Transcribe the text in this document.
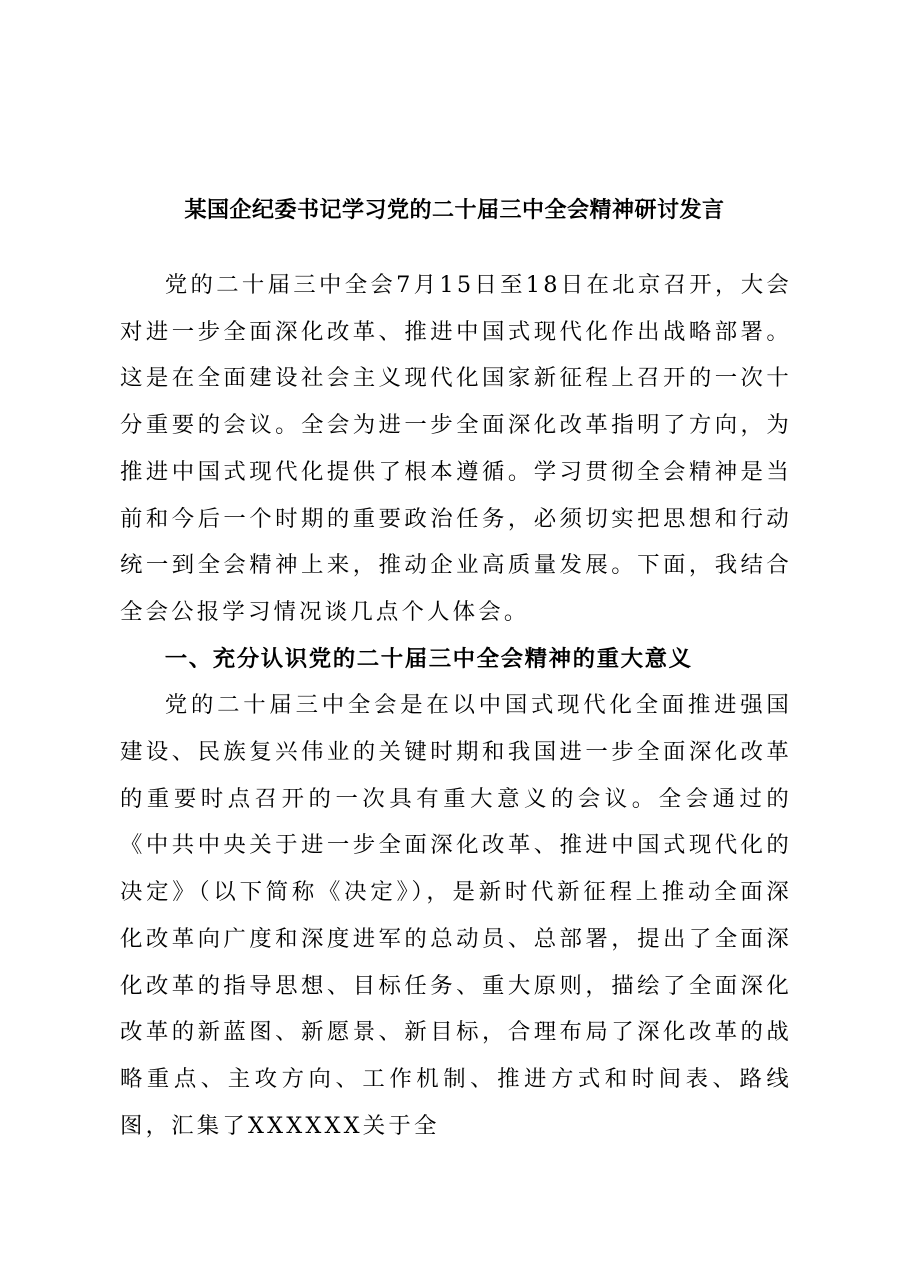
某国企纪委书记学习党的二十届三中全会精神研讨发言

党的二十届三中全会7月15日至18日在北京召开，大会对进一步全面深化改革、推进中国式现代化作出战略部署。这是在全面建设社会主义现代化国家新征程上召开的一次十分重要的会议。全会为进一步全面深化改革指明了方向，为推进中国式现代化提供了根本遵循。学习贯彻全会精神是当前和今后一个时期的重要政治任务，必须切实把思想和行动统一到全会精神上来，推动企业高质量发展。下面，我结合全会公报学习情况谈几点个人体会。

一、充分认识党的二十届三中全会精神的重大意义

党的二十届三中全会是在以中国式现代化全面推进强国建设、民族复兴伟业的关键时期和我国进一步全面深化改革的重要时点召开的一次具有重大意义的会议。全会通过的《中共中央关于进一步全面深化改革、推进中国式现代化的决定》（以下简称《决定》），是新时代新征程上推动全面深化改革向广度和深度进军的总动员、总部署，提出了全面深化改革的指导思想、目标任务、重大原则，描绘了全面深化改革的新蓝图、新愿景、新目标，合理布局了深化改革的战略重点、主攻方向、工作机制、推进方式和时间表、路线图，汇集了XXXXXX关于全
